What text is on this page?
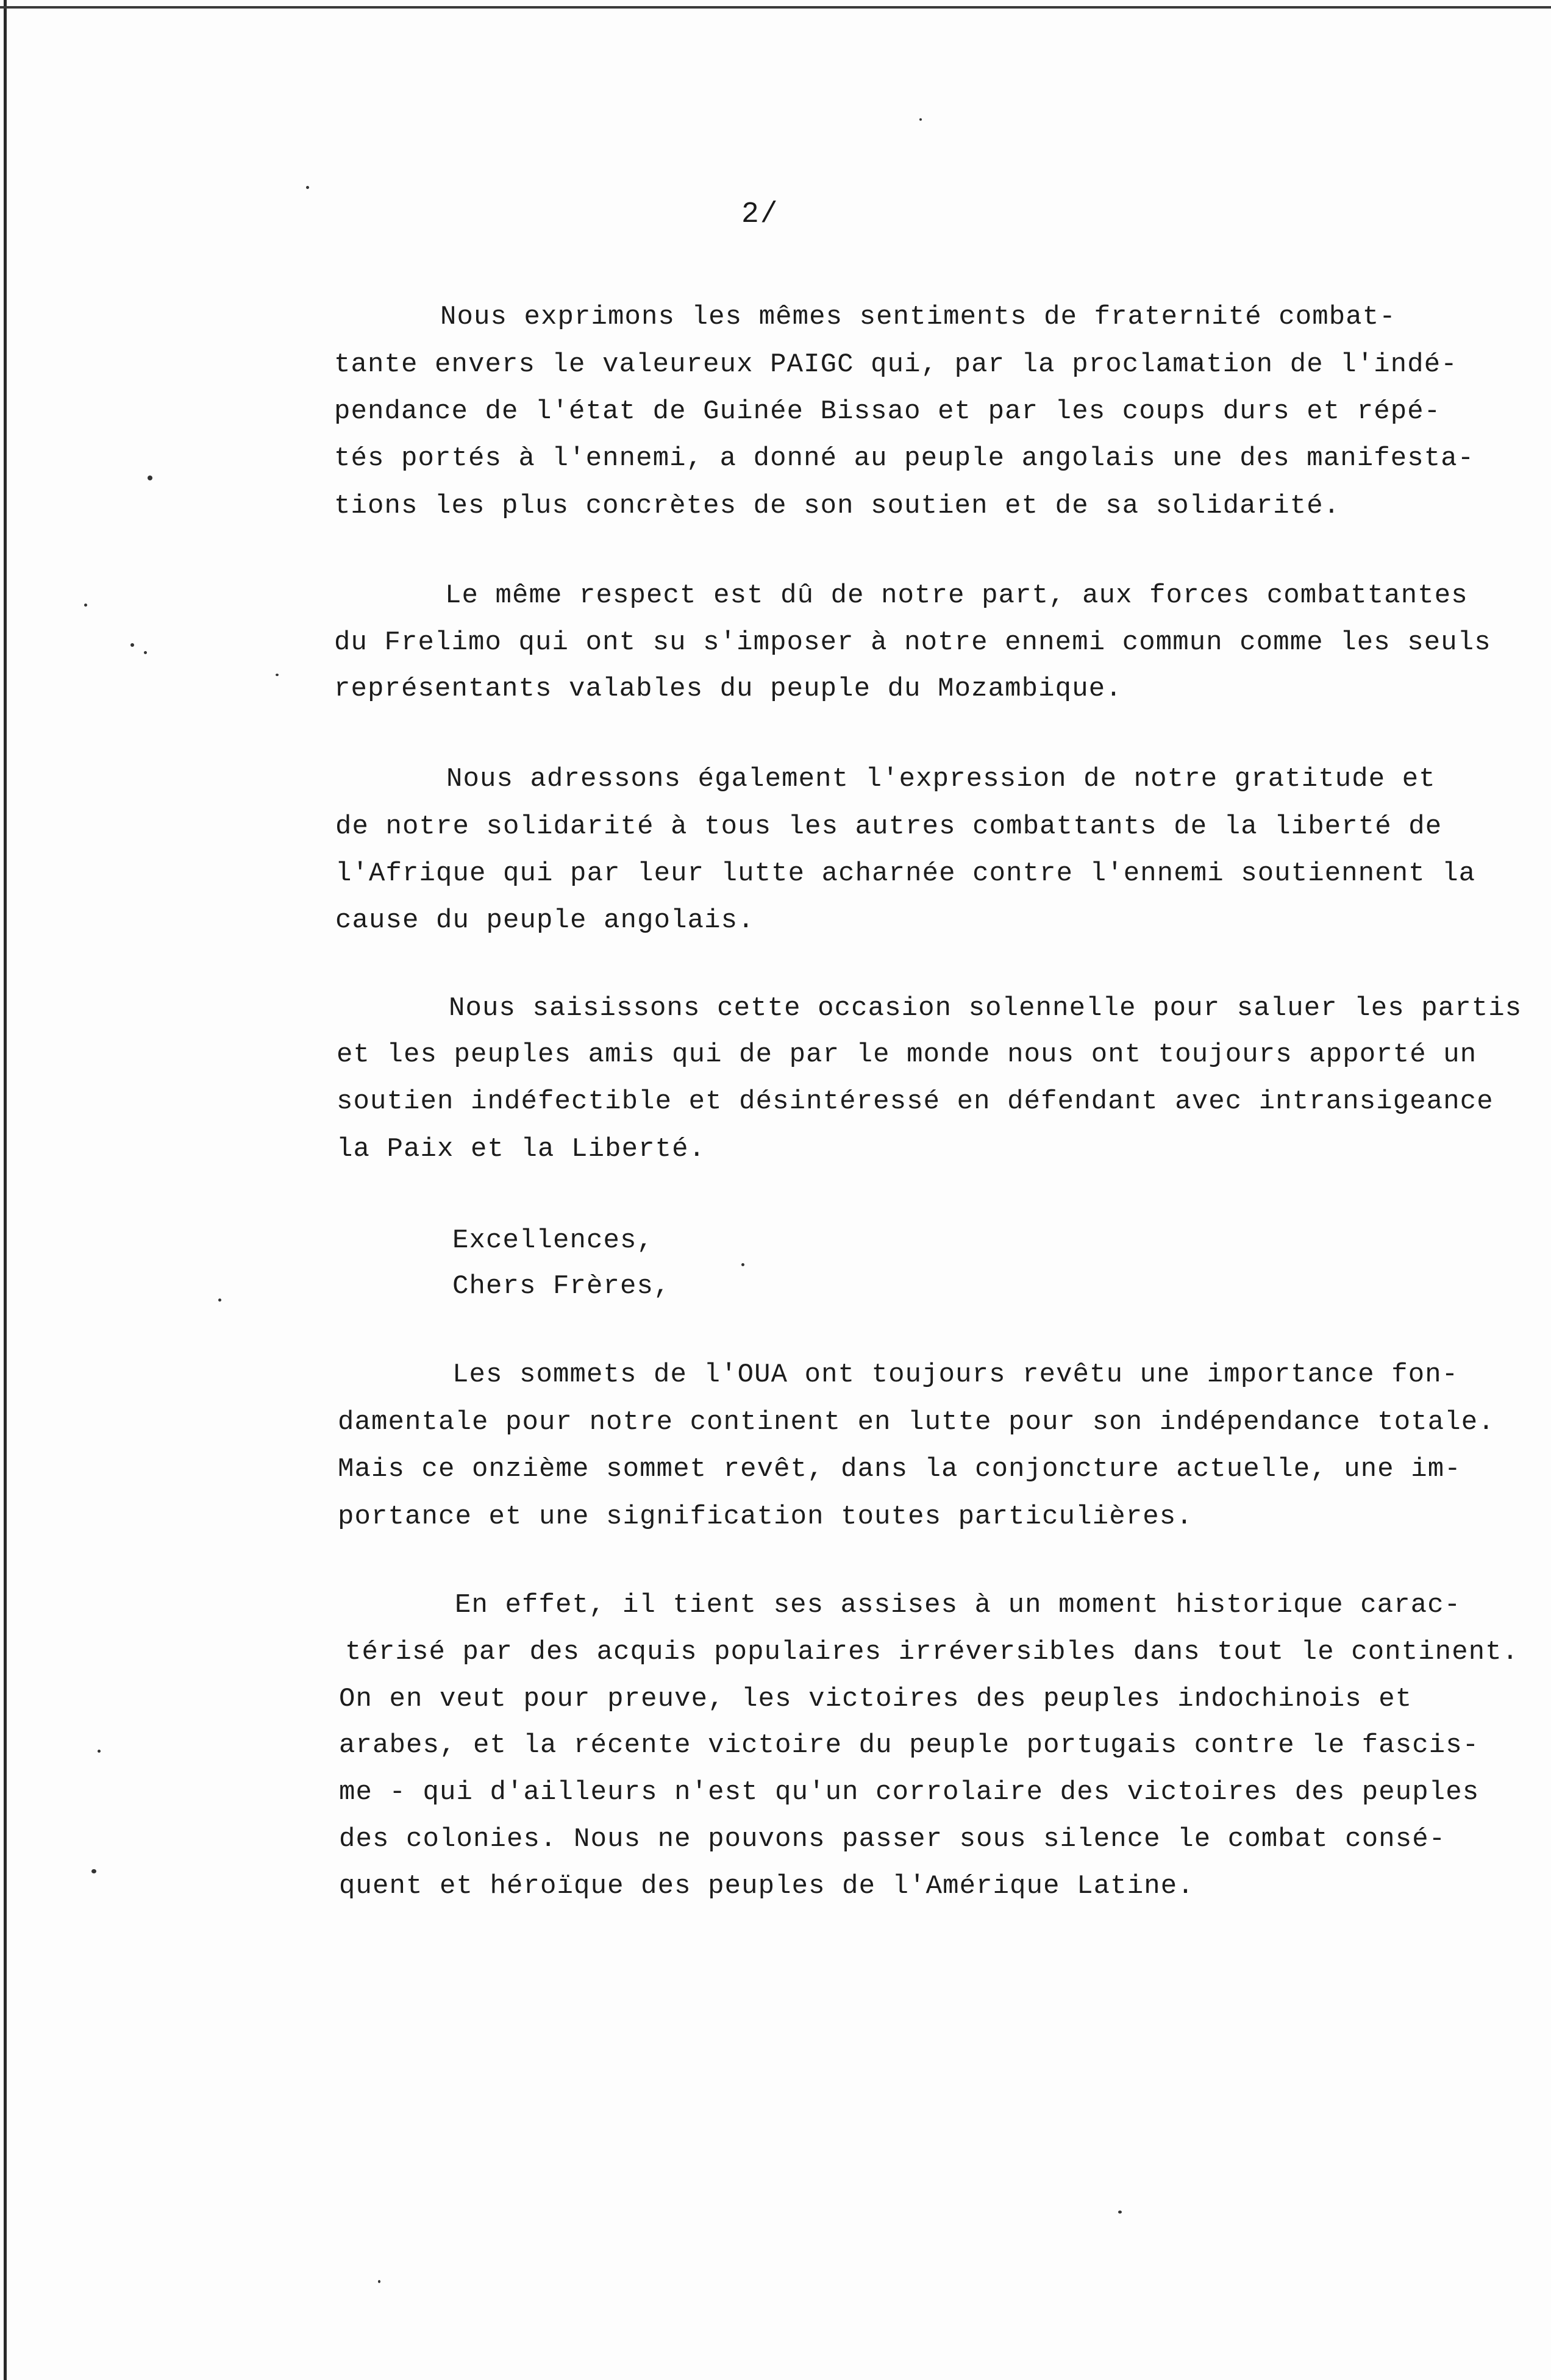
2/
Nous exprimons les mêmes sentiments de fraternité combat-
tante envers le valeureux PAIGC qui, par la proclamation de l'indé-
pendance de l'état de Guinée Bissao et par les coups durs et répé-
tés portés à l'ennemi, a donné au peuple angolais une des manifesta-
tions les plus concrètes de son soutien et de sa solidarité.
Le même respect est dû de notre part, aux forces combattantes
du Frelimo qui ont su s'imposer à notre ennemi commun comme les seuls
représentants valables du peuple du Mozambique.
Nous adressons également l'expression de notre gratitude et
de notre solidarité à tous les autres combattants de la liberté de
l'Afrique qui par leur lutte acharnée contre l'ennemi soutiennent la
cause du peuple angolais.
Nous saisissons cette occasion solennelle pour saluer les partis
et les peuples amis qui de par le monde nous ont toujours apporté un
soutien indéfectible et désintéressé en défendant avec intransigeance
la Paix et la Liberté.
Excellences,
Chers Frères,
Les sommets de l'OUA ont toujours revêtu une importance fon-
damentale pour notre continent en lutte pour son indépendance totale.
Mais ce onzième sommet revêt, dans la conjoncture actuelle, une im-
portance et une signification toutes particulières.
En effet, il tient ses assises à un moment historique carac-
térisé par des acquis populaires irréversibles dans tout le continent.
On en veut pour preuve, les victoires des peuples indochinois et
arabes, et la récente victoire du peuple portugais contre le fascis-
me - qui d'ailleurs n'est qu'un corrolaire des victoires des peuples
des colonies. Nous ne pouvons passer sous silence le combat consé-
quent et héroïque des peuples de l'Amérique Latine.
